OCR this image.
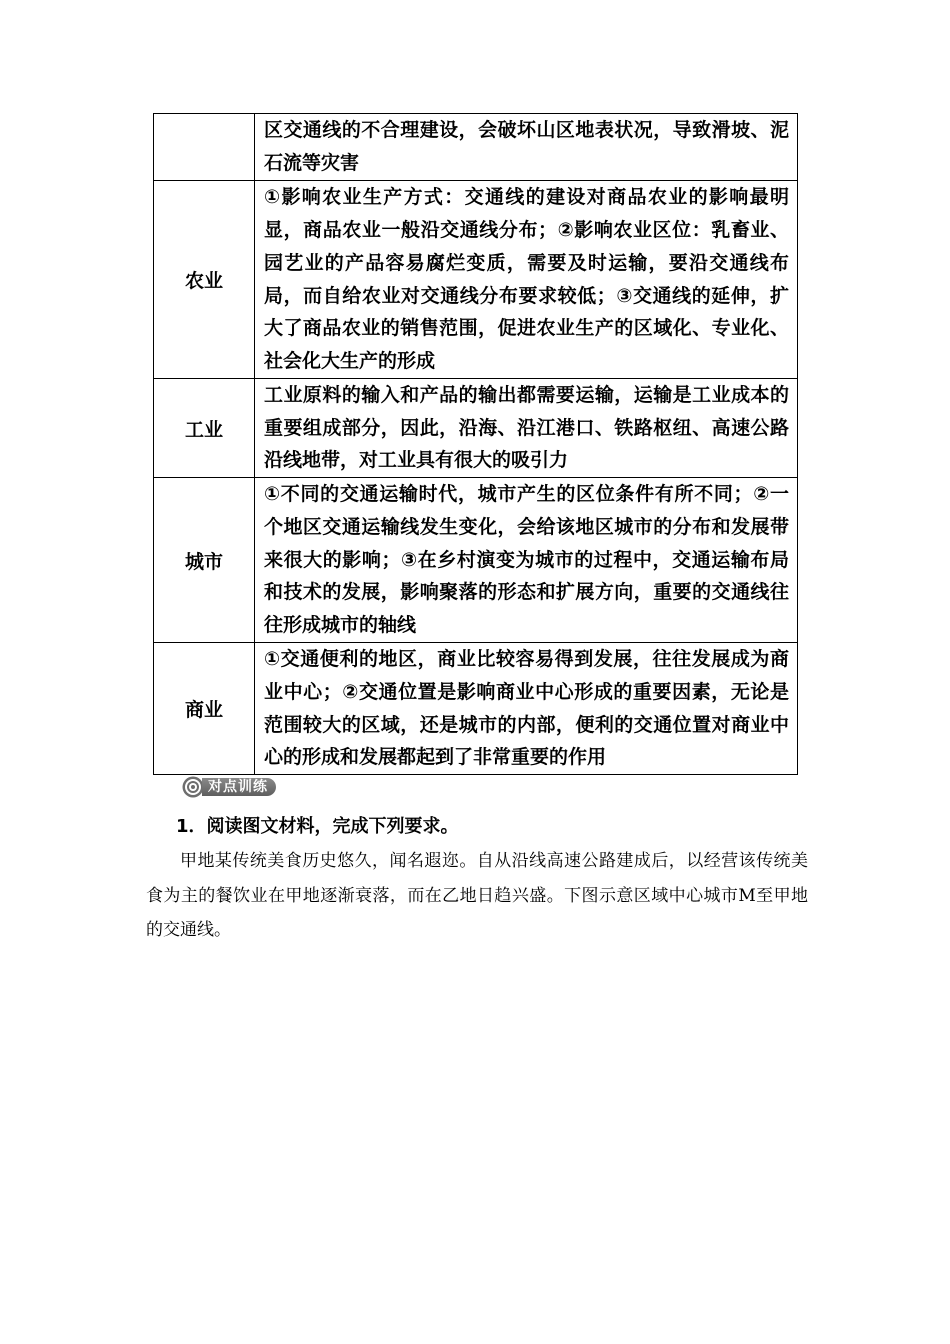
	区交通线的不合理建设，会破坏山区地表状况，导致滑坡、泥石流等灾害
农业	①影响农业生产方式：交通线的建设对商品农业的影响最明显，商品农业一般沿交通线分布；②影响农业区位：乳畜业、园艺业的产品容易腐烂变质，需要及时运输，要沿交通线布局，而自给农业对交通线分布要求较低；③交通线的延伸，扩大了商品农业的销售范围，促进农业生产的区域化、专业化、社会化大生产的形成
工业	工业原料的输入和产品的输出都需要运输，运输是工业成本的重要组成部分，因此，沿海、沿江港口、铁路枢纽、高速公路沿线地带，对工业具有很大的吸引力
城市	①不同的交通运输时代，城市产生的区位条件有所不同；②一个地区交通运输线发生变化，会给该地区城市的分布和发展带来很大的影响；③在乡村演变为城市的过程中，交通运输布局和技术的发展，影响聚落的形态和扩展方向，重要的交通线往往形成城市的轴线
商业	①交通便利的地区，商业比较容易得到发展，往往发展成为商业中心；②交通位置是影响商业中心形成的重要因素，无论是范围较大的区域，还是城市的内部，便利的交通位置对商业中心的形成和发展都起到了非常重要的作用
对点训练
1．阅读图文材料，完成下列要求。
甲地某传统美食历史悠久，闻名遐迩。自从沿线高速公路建成后，以经营该传统美食为主的餐饮业在甲地逐渐衰落，而在乙地日趋兴盛。下图示意区域中心城市M至甲地的交通线。
